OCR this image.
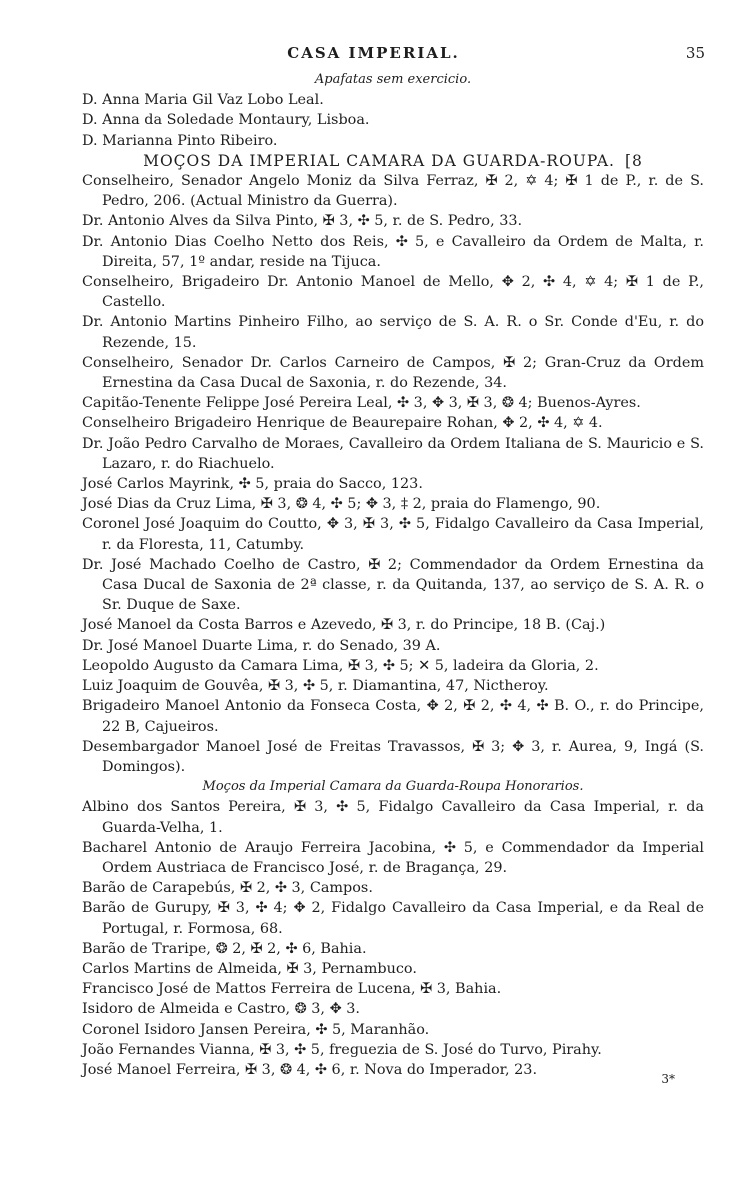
CASA IMPERIAL.	35

Apafatas sem exercicio.

D. Anna Maria Gil Vaz Lobo Leal.

D. Anna da Soledade Montaury, Lisboa.

D. Marianna Pinto Ribeiro.

MOÇOS DA IMPERIAL CAMARA DA GUARDA-ROUPA. [8

Conselheiro, Senador Angelo Moniz da Silva Ferraz, ✠ 2, ✡ 4; ✠ 1 de P., r. de S. Pedro, 206. (Actual Ministro da Guerra).

Dr. Antonio Alves da Silva Pinto, ✠ 3, ✣ 5, r. de S. Pedro, 33.

Dr. Antonio Dias Coelho Netto dos Reis, ✣ 5, e Cavalleiro da Ordem de Malta, r. Direita, 57, 1º andar, reside na Tijuca.

Conselheiro, Brigadeiro Dr. Antonio Manoel de Mello, ✥ 2, ✣ 4, ✡ 4; ✠ 1 de P., Castello.

Dr. Antonio Martins Pinheiro Filho, ao serviço de S. A. R. o Sr. Conde d'Eu, r. do Rezende, 15.

Conselheiro, Senador Dr. Carlos Carneiro de Campos, ✠ 2; Gran-Cruz da Ordem Ernestina da Casa Ducal de Saxonia, r. do Rezende, 34.

Capitão-Tenente Felippe José Pereira Leal, ✣ 3, ✥ 3, ✠ 3, ❂ 4; Buenos-Ayres.

Conselheiro Brigadeiro Henrique de Beaurepaire Rohan, ✥ 2, ✣ 4, ✡ 4.

Dr. João Pedro Carvalho de Moraes, Cavalleiro da Ordem Italiana de S. Mauricio e S. Lazaro, r. do Riachuelo.

José Carlos Mayrink, ✣ 5, praia do Sacco, 123.

José Dias da Cruz Lima, ✠ 3, ❂ 4, ✣ 5; ✥ 3, ‡ 2, praia do Flamengo, 90.

Coronel José Joaquim do Coutto, ✥ 3, ✠ 3, ✣ 5, Fidalgo Cavalleiro da Casa Imperial, r. da Floresta, 11, Catumby.

Dr. José Machado Coelho de Castro, ✠ 2; Commendador da Ordem Ernestina da Casa Ducal de Saxonia de 2ª classe, r. da Quitanda, 137, ao serviço de S. A. R. o Sr. Duque de Saxe.

José Manoel da Costa Barros e Azevedo, ✠ 3, r. do Principe, 18 B. (Caj.)

Dr. José Manoel Duarte Lima, r. do Senado, 39 A.

Leopoldo Augusto da Camara Lima, ✠ 3, ✣ 5; ✕ 5, ladeira da Gloria, 2.

Luiz Joaquim de Gouvêa, ✠ 3, ✣ 5, r. Diamantina, 47, Nictheroy.

Brigadeiro Manoel Antonio da Fonseca Costa, ✥ 2, ✠ 2, ✣ 4, ✣ B. O., r. do Principe, 22 B, Cajueiros.

Desembargador Manoel José de Freitas Travassos, ✠ 3; ✥ 3, r. Aurea, 9, Ingá (S. Domingos).

Moços da Imperial Camara da Guarda-Roupa Honorarios.

Albino dos Santos Pereira, ✠ 3, ✣ 5, Fidalgo Cavalleiro da Casa Imperial, r. da Guarda-Velha, 1.

Bacharel Antonio de Araujo Ferreira Jacobina, ✣ 5, e Commendador da Imperial Ordem Austriaca de Francisco José, r. de Bragança, 29.

Barão de Carapebús, ✠ 2, ✣ 3, Campos.

Barão de Gurupy, ✠ 3, ✣ 4; ✥ 2, Fidalgo Cavalleiro da Casa Imperial, e da Real de Portugal, r. Formosa, 68.

Barão de Traripe, ❂ 2, ✠ 2, ✣ 6, Bahia.

Carlos Martins de Almeida, ✠ 3, Pernambuco.

Francisco José de Mattos Ferreira de Lucena, ✠ 3, Bahia.

Isidoro de Almeida e Castro, ❂ 3, ✥ 3.

Coronel Isidoro Jansen Pereira, ✣ 5, Maranhão.

João Fernandes Vianna, ✠ 3, ✣ 5, freguezia de S. José do Turvo, Pirahy.

José Manoel Ferreira, ✠ 3, ❂ 4, ✣ 6, r. Nova do Imperador, 23.

3*
